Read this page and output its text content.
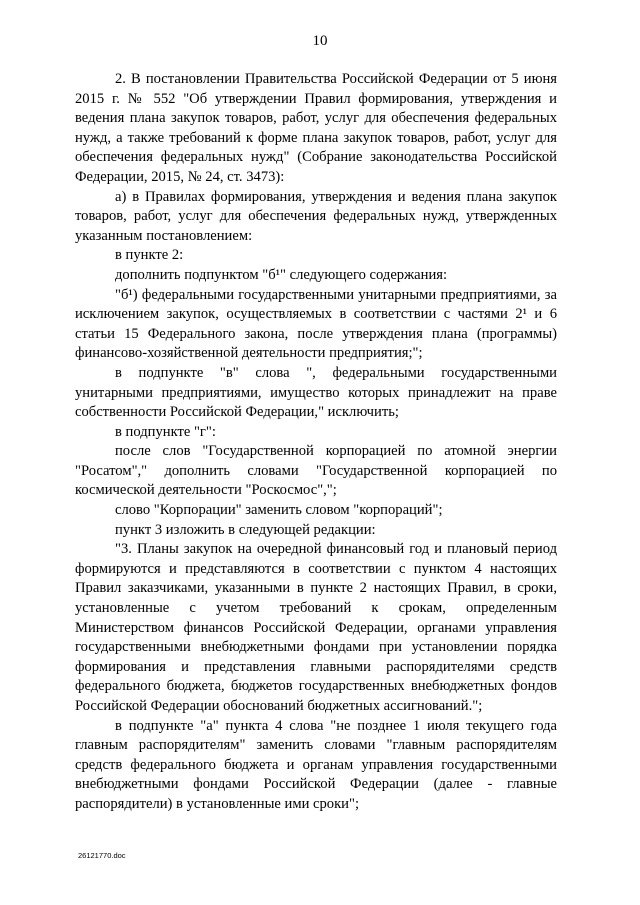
10

2. В постановлении Правительства Российской Федерации от 5 июня 2015 г. № 552 "Об утверждении Правил формирования, утверждения и ведения плана закупок товаров, работ, услуг для обеспечения федеральных нужд, а также требований к форме плана закупок товаров, работ, услуг для обеспечения федеральных нужд" (Собрание законодательства Российской Федерации, 2015, № 24, ст. 3473):

а) в Правилах формирования, утверждения и ведения плана закупок товаров, работ, услуг для обеспечения федеральных нужд, утвержденных указанным постановлением:

в пункте 2:

дополнить подпунктом "б¹" следующего содержания:

"б¹) федеральными государственными унитарными предприятиями, за исключением закупок, осуществляемых в соответствии с частями 2¹ и 6 статьи 15 Федерального закона, после утверждения плана (программы) финансово-хозяйственной деятельности предприятия;";

в подпункте "в" слова ", федеральными государственными унитарными предприятиями, имущество которых принадлежит на праве собственности Российской Федерации," исключить;

в подпункте "г":

после слов "Государственной корпорацией по атомной энергии "Росатом"," дополнить словами "Государственной корпорацией по космической деятельности "Роскосмос",";

слово "Корпорации" заменить словом "корпораций";

пункт 3 изложить в следующей редакции:

"3. Планы закупок на очередной финансовый год и плановый период формируются и представляются в соответствии с пунктом 4 настоящих Правил заказчиками, указанными в пункте 2 настоящих Правил, в сроки, установленные с учетом требований к срокам, определенным Министерством финансов Российской Федерации, органами управления государственными внебюджетными фондами при установлении порядка формирования и представления главными распорядителями средств федерального бюджета, бюджетов государственных внебюджетных фондов Российской Федерации обоснований бюджетных ассигнований.";

в подпункте "а" пункта 4 слова "не позднее 1 июля текущего года главным распорядителям" заменить словами "главным распорядителям средств федерального бюджета и органам управления государственными внебюджетными фондами Российской Федерации (далее - главные распорядители) в установленные ими сроки";

26121770.doc
